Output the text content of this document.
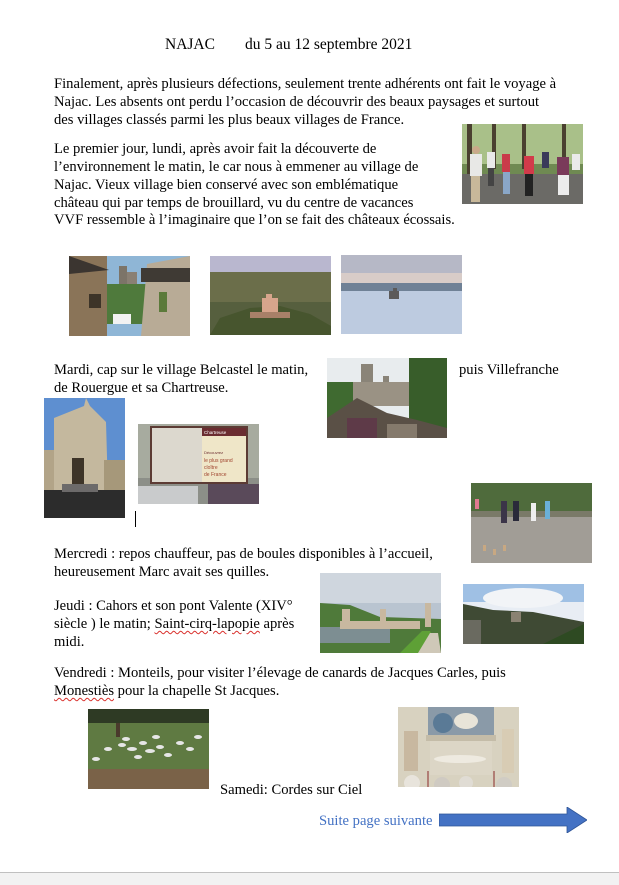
NAJAC du 5 au 12 septembre 2021
Finalement, après plusieurs défections, seulement trente adhérents ont fait le voyage à
Najac. Les absents ont perdu l’occasion de découvrir des beaux paysages et surtout
des villages classés parmi les plus beaux villages de France.
Le premier jour, lundi, après avoir fait la découverte de
l’environnement le matin, le car nous à emmener au village de
Najac. Vieux village bien conservé avec son emblématique
château qui par temps de brouillard, vu du centre de vacances
VVF ressemble à l’imaginaire que l’on se fait des châteaux écossais.
Mardi, cap sur le village Belcastel le matin,	puis Villefranche
de Rouergue et sa Chartreuse.
Chartreuse
Découvrez
le plus grand
cloître
de France
Mercredi : repos chauffeur, pas de boules disponibles à l’accueil,
heureusement Marc avait ses quilles.
Jeudi : Cahors et son pont Valente (XIV°
siècle ) le matin; Saint-cirq-lapopie après
midi.
Vendredi : Monteils, pour visiter l’élevage de canards de Jacques Carles, puis
Monestiès pour la chapelle St Jacques.
Samedi: Cordes sur Ciel
Suite page suivante
